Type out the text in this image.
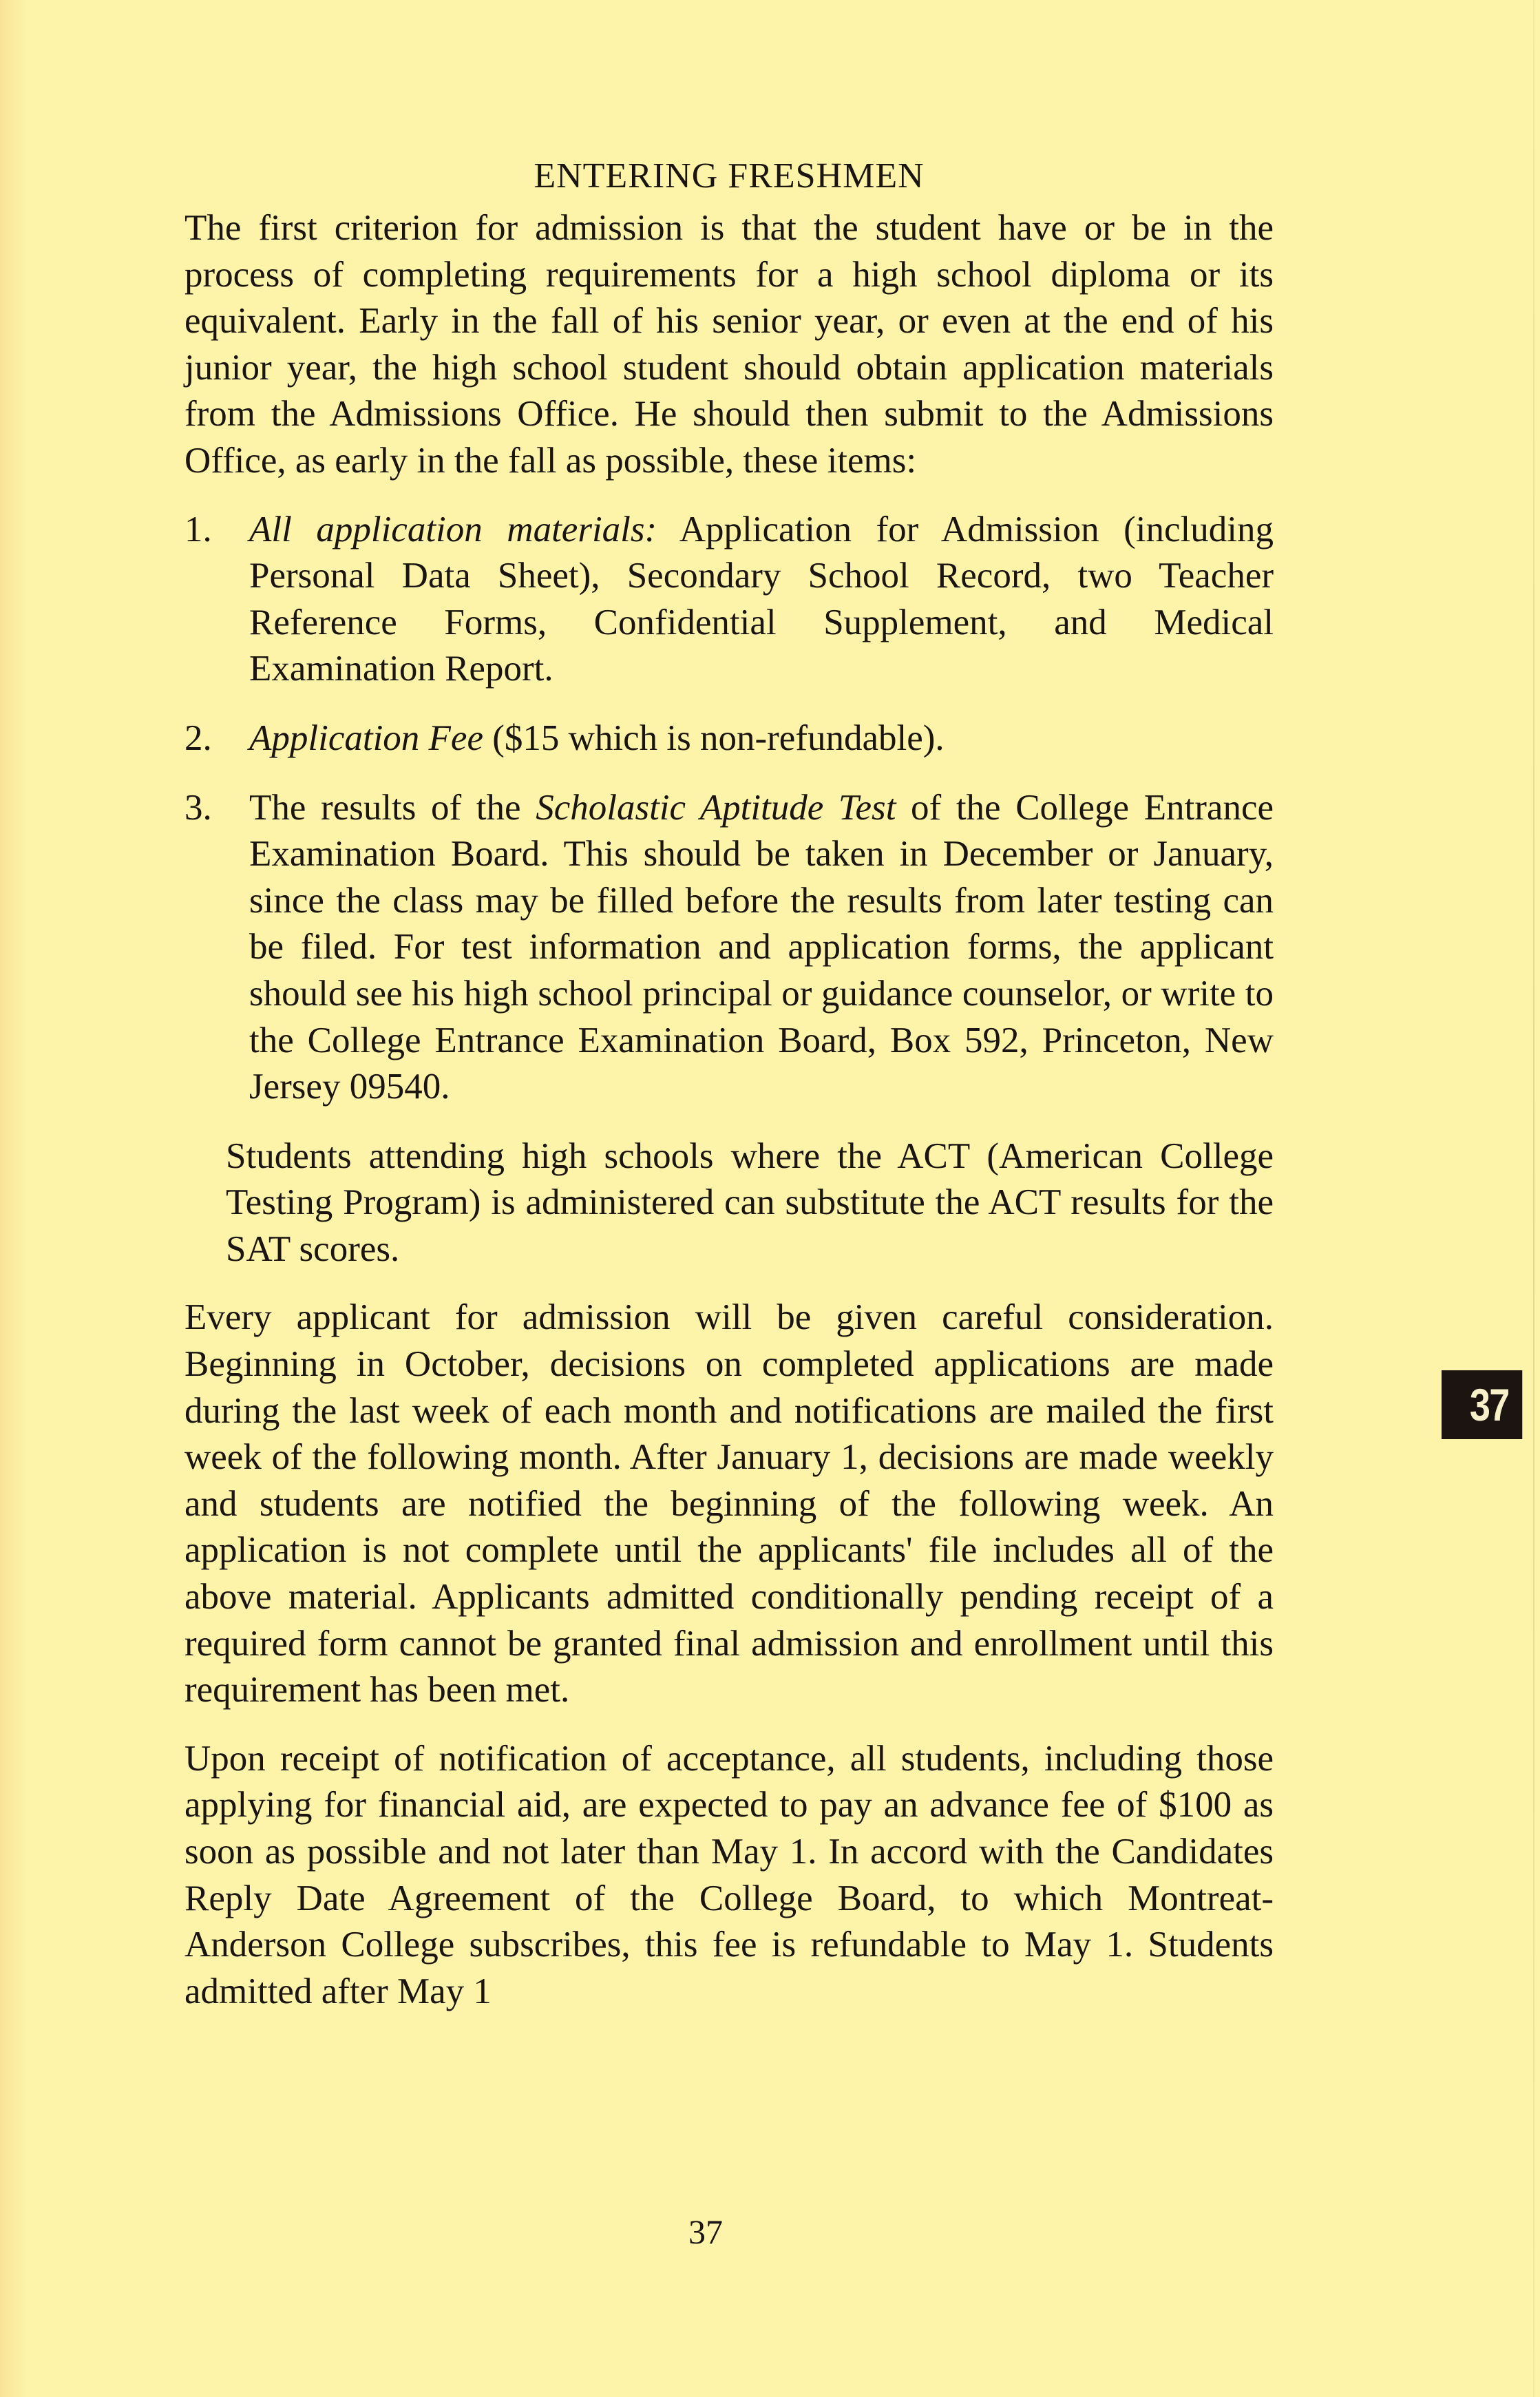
ENTERING FRESHMEN

The first criterion for admission is that the student have or be in the process of completing requirements for a high school diploma or its equivalent. Early in the fall of his senior year, or even at the end of his junior year, the high school student should obtain application materials from the Admissions Office. He should then submit to the Admissions Office, as early in the fall as possible, these items:

1. All application materials: Application for Admission (including Personal Data Sheet), Secondary School Record, two Teacher Reference Forms, Confidential Supplement, and Medical Examination Report.
2. Application Fee ($15 which is non-refundable).
3. The results of the Scholastic Aptitude Test of the College Entrance Examination Board. This should be taken in December or January, since the class may be filled before the results from later testing can be filed. For test information and application forms, the applicant should see his high school principal or guidance counselor, or write to the College Entrance Examination Board, Box 592, Princeton, New Jersey 09540.

Students attending high schools where the ACT (American College Testing Program) is administered can substitute the ACT results for the SAT scores.

Every applicant for admission will be given careful consideration. Beginning in October, decisions on completed applications are made during the last week of each month and notifications are mailed the first week of the following month. After January 1, decisions are made weekly and students are notified the beginning of the following week. An application is not complete until the applicants' file includes all of the above material. Applicants admitted conditionally pending receipt of a required form cannot be granted final admission and enrollment until this requirement has been met.

Upon receipt of notification of acceptance, all students, including those applying for financial aid, are expected to pay an advance fee of $100 as soon as possible and not later than May 1. In accord with the Candidates Reply Date Agreement of the College Board, to which Montreat-Anderson College subscribes, this fee is refundable to May 1. Students admitted after May 1

37
37
